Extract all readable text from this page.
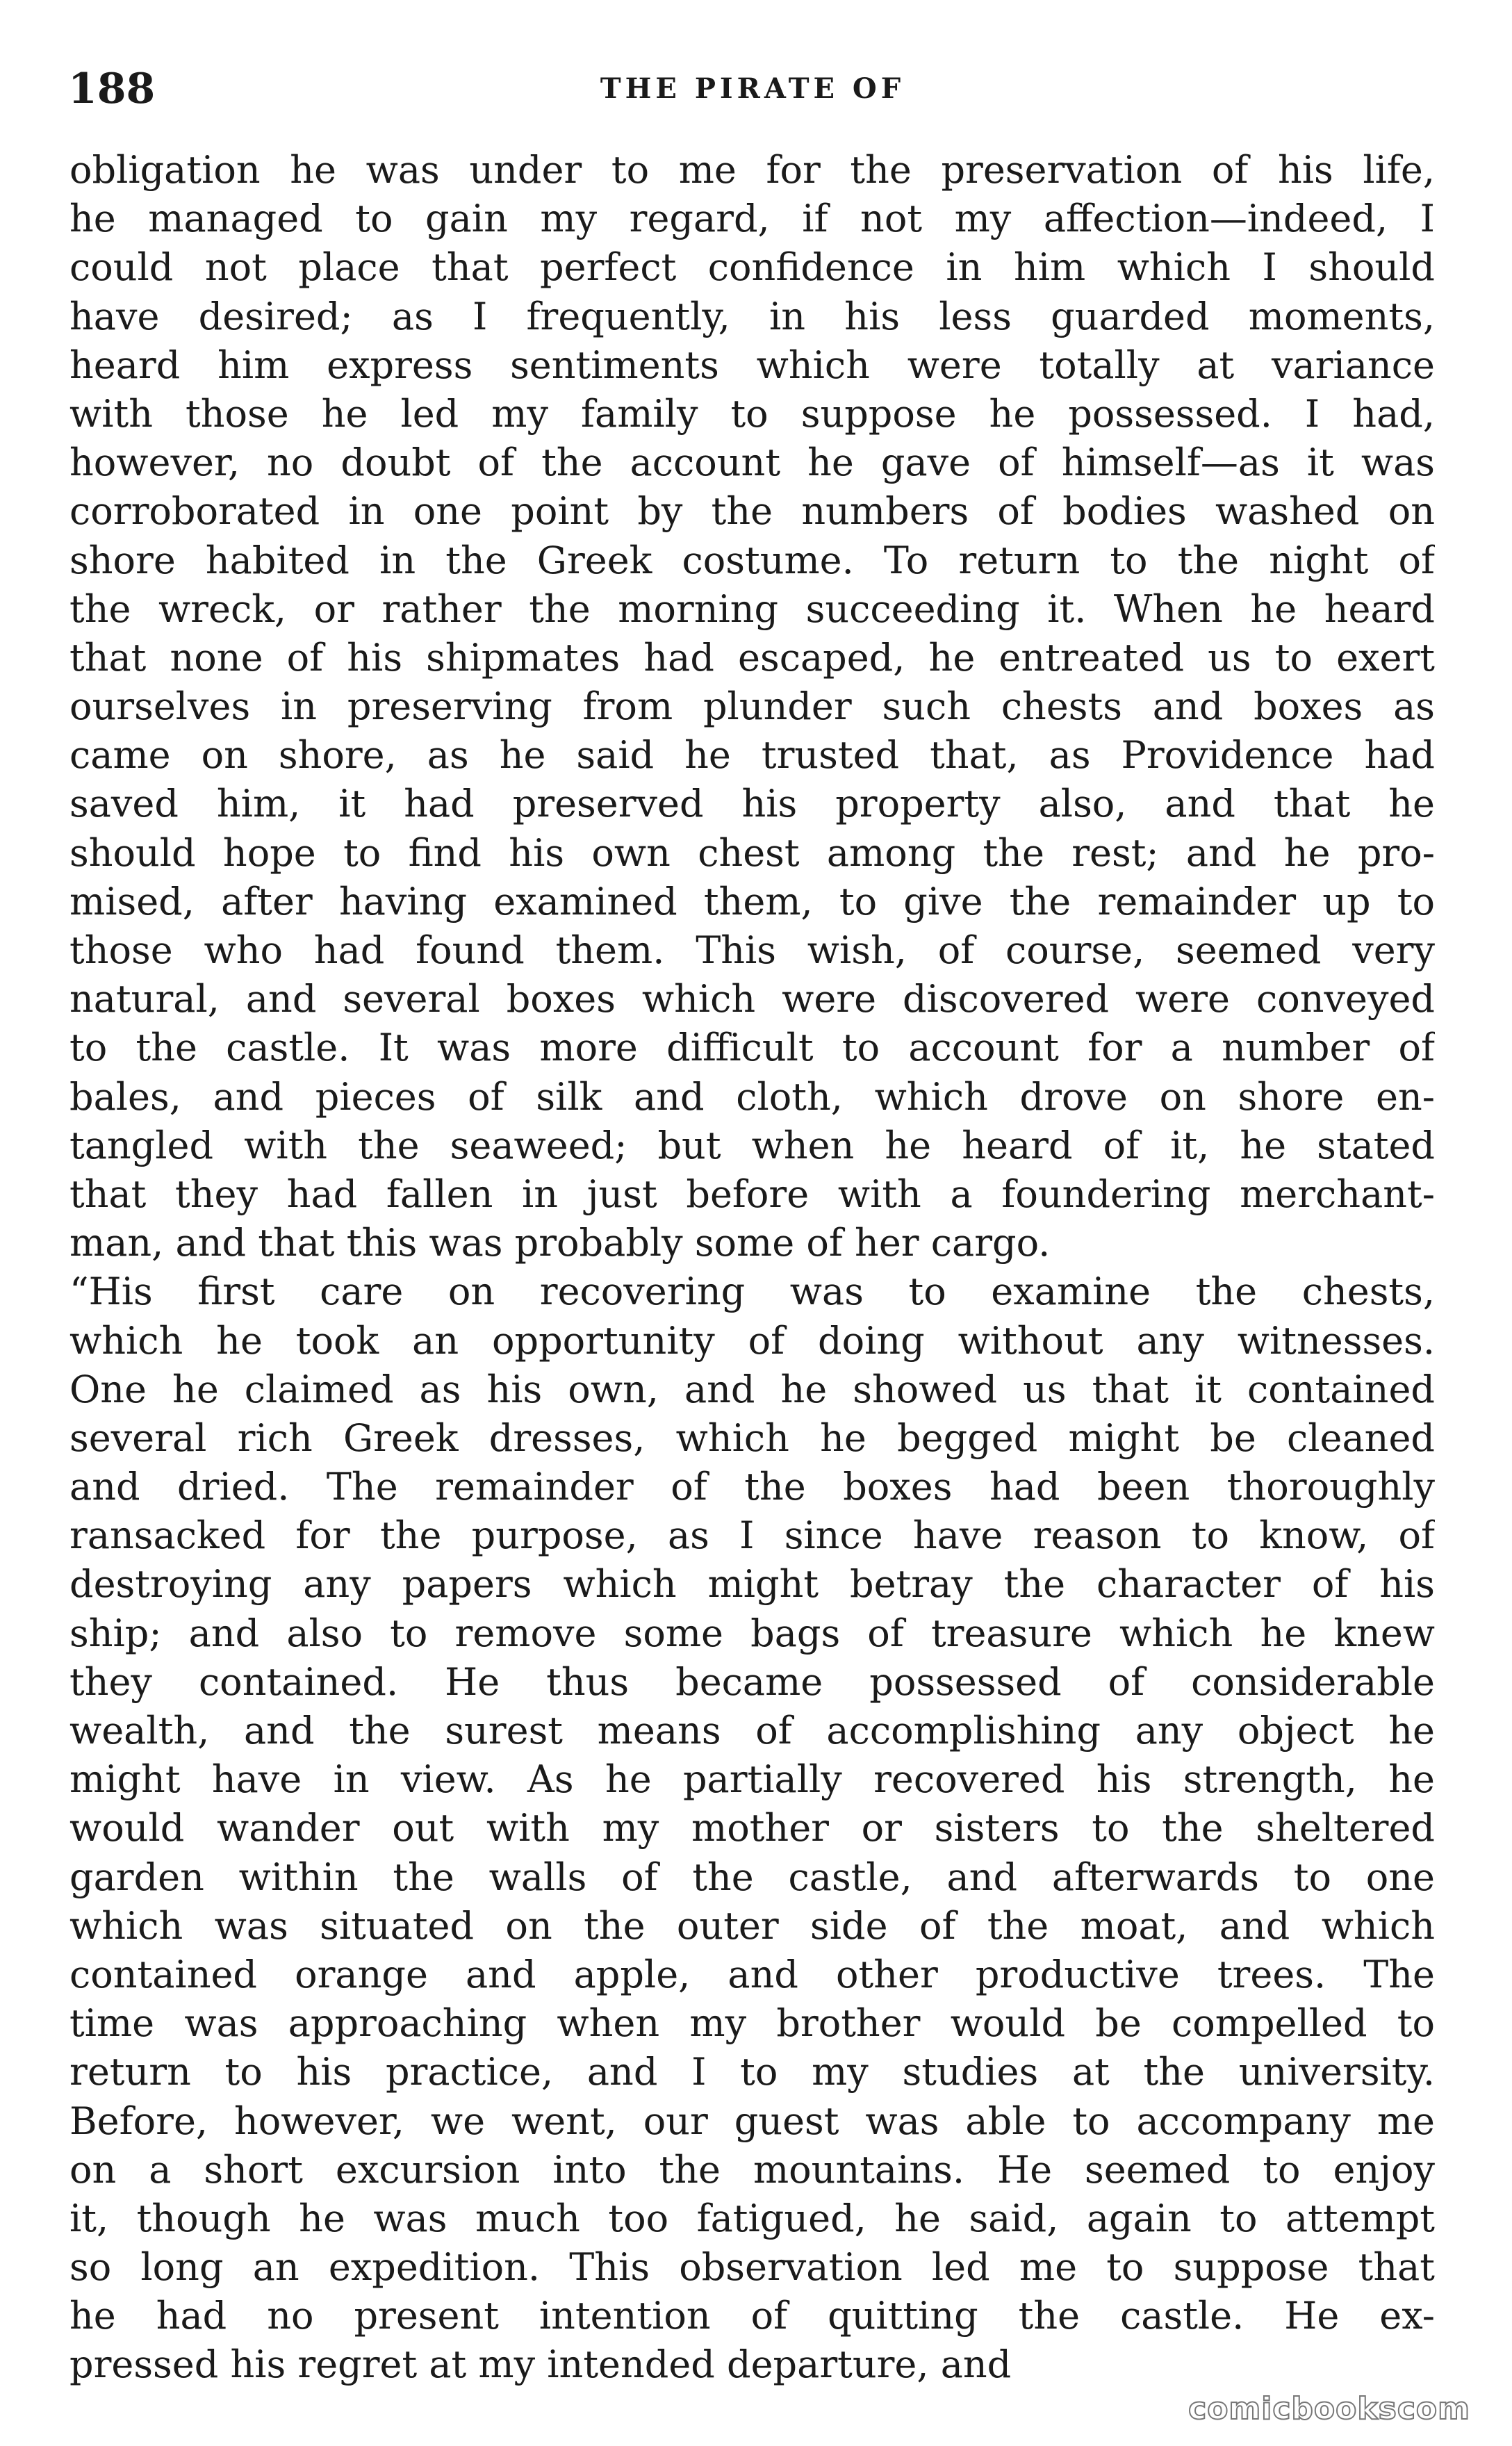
188	THE PIRATE OF
obligation he was under to me for the preservation of his life,
he managed to gain my regard, if not my affection—indeed, I
could not place that perfect confidence in him which I should
have desired; as I frequently, in his less guarded moments,
heard him express sentiments which were totally at variance
with those he led my family to suppose he possessed. I had,
however, no doubt of the account he gave of himself—as it was
corroborated in one point by the numbers of bodies washed on
shore habited in the Greek costume. To return to the night of
the wreck, or rather the morning succeeding it. When he heard
that none of his shipmates had escaped, he entreated us to exert
ourselves in preserving from plunder such chests and boxes as
came on shore, as he said he trusted that, as Providence had
saved him, it had preserved his property also, and that he
should hope to find his own chest among the rest; and he pro-
mised, after having examined them, to give the remainder up to
those who had found them. This wish, of course, seemed very
natural, and several boxes which were discovered were conveyed
to the castle. It was more difficult to account for a number of
bales, and pieces of silk and cloth, which drove on shore en-
tangled with the seaweed; but when he heard of it, he stated
that they had fallen in just before with a foundering merchant-
man, and that this was probably some of her cargo.
“His first care on recovering was to examine the chests,
which he took an opportunity of doing without any witnesses.
One he claimed as his own, and he showed us that it contained
several rich Greek dresses, which he begged might be cleaned
and dried. The remainder of the boxes had been thoroughly
ransacked for the purpose, as I since have reason to know, of
destroying any papers which might betray the character of his
ship; and also to remove some bags of treasure which he knew
they contained. He thus became possessed of considerable
wealth, and the surest means of accomplishing any object he
might have in view. As he partially recovered his strength, he
would wander out with my mother or sisters to the sheltered
garden within the walls of the castle, and afterwards to one
which was situated on the outer side of the moat, and which
contained orange and apple, and other productive trees. The
time was approaching when my brother would be compelled to
return to his practice, and I to my studies at the university.
Before, however, we went, our guest was able to accompany me
on a short excursion into the mountains. He seemed to enjoy
it, though he was much too fatigued, he said, again to attempt
so long an expedition. This observation led me to suppose that
he had no present intention of quitting the castle. He ex-
pressed his regret at my intended departure, and
comicbookscom
